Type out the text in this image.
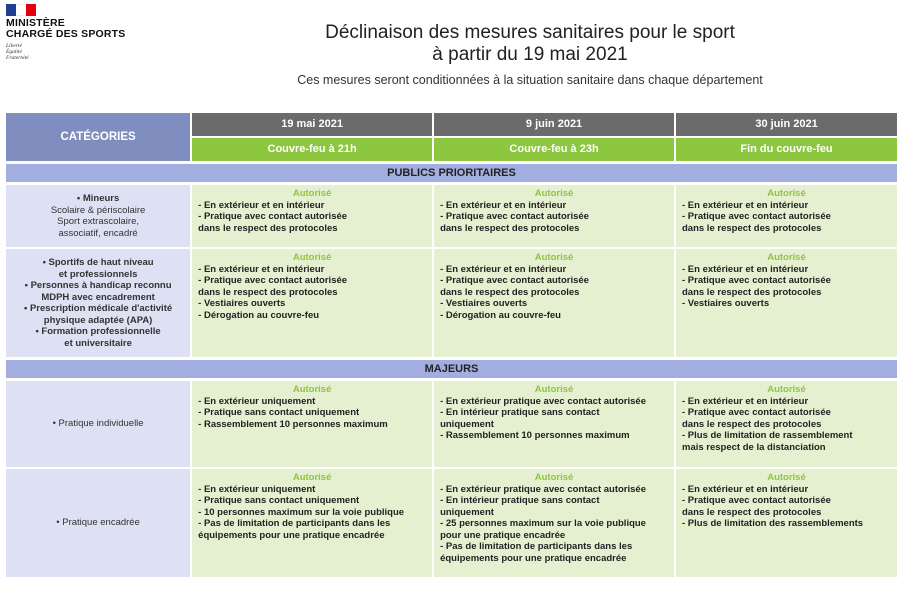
MINISTÈRE
CHARGÉ DES SPORTS
Liberté
Égalité
Fraternité
Déclinaison des mesures sanitaires pour le sport
à partir du 19 mai 2021
Ces mesures seront conditionnées à la situation sanitaire dans chaque département
CATÉGORIES
19 mai 2021
Couvre-feu à 21h
9 juin 2021
Couvre-feu à 23h
30 juin 2021
Fin du couvre-feu
PUBLICS PRIORITAIRES
• Mineurs
Scolaire & périscolaire
Sport extrascolaire,
associatif, encadré
Autorisé
- En extérieur et en intérieur
- Pratique avec contact autorisée
dans le respect des protocoles
Autorisé
- En extérieur et en intérieur
- Pratique avec contact autorisée
dans le respect des protocoles
Autorisé
- En extérieur et en intérieur
- Pratique avec contact autorisée
dans le respect des protocoles
• Sportifs de haut niveau
et professionnels
• Personnes à handicap reconnu
MDPH avec encadrement
• Prescription médicale d'activité
physique adaptée (APA)
• Formation professionnelle
et universitaire
Autorisé
- En extérieur et en intérieur
- Pratique avec contact autorisée
dans le respect des protocoles
- Vestiaires ouverts
- Dérogation au couvre-feu
Autorisé
- En extérieur et en intérieur
- Pratique avec contact autorisée
dans le respect des protocoles
- Vestiaires ouverts
- Dérogation au couvre-feu
Autorisé
- En extérieur et en intérieur
- Pratique avec contact autorisée
dans le respect des protocoles
- Vestiaires ouverts
MAJEURS
• Pratique individuelle
Autorisé
- En extérieur uniquement
- Pratique sans contact uniquement
- Rassemblement 10 personnes maximum
Autorisé
- En extérieur pratique avec contact autorisée
- En intérieur pratique sans contact
uniquement
- Rassemblement 10 personnes maximum
Autorisé
- En extérieur et en intérieur
- Pratique avec contact autorisée
dans le respect des protocoles
- Plus de limitation de rassemblement
mais respect de la distanciation
• Pratique encadrée
Autorisé
- En extérieur uniquement
- Pratique sans contact uniquement
- 10 personnes maximum sur la voie publique
- Pas de limitation de participants dans les
équipements pour une pratique encadrée
Autorisé
- En extérieur pratique avec contact autorisée
- En intérieur pratique sans contact
uniquement
- 25 personnes maximum sur la voie publique
pour une pratique encadrée
- Pas de limitation de participants dans les
équipements pour une pratique encadrée
Autorisé
- En extérieur et en intérieur
- Pratique avec contact autorisée
dans le respect des protocoles
- Plus de limitation des rassemblements
